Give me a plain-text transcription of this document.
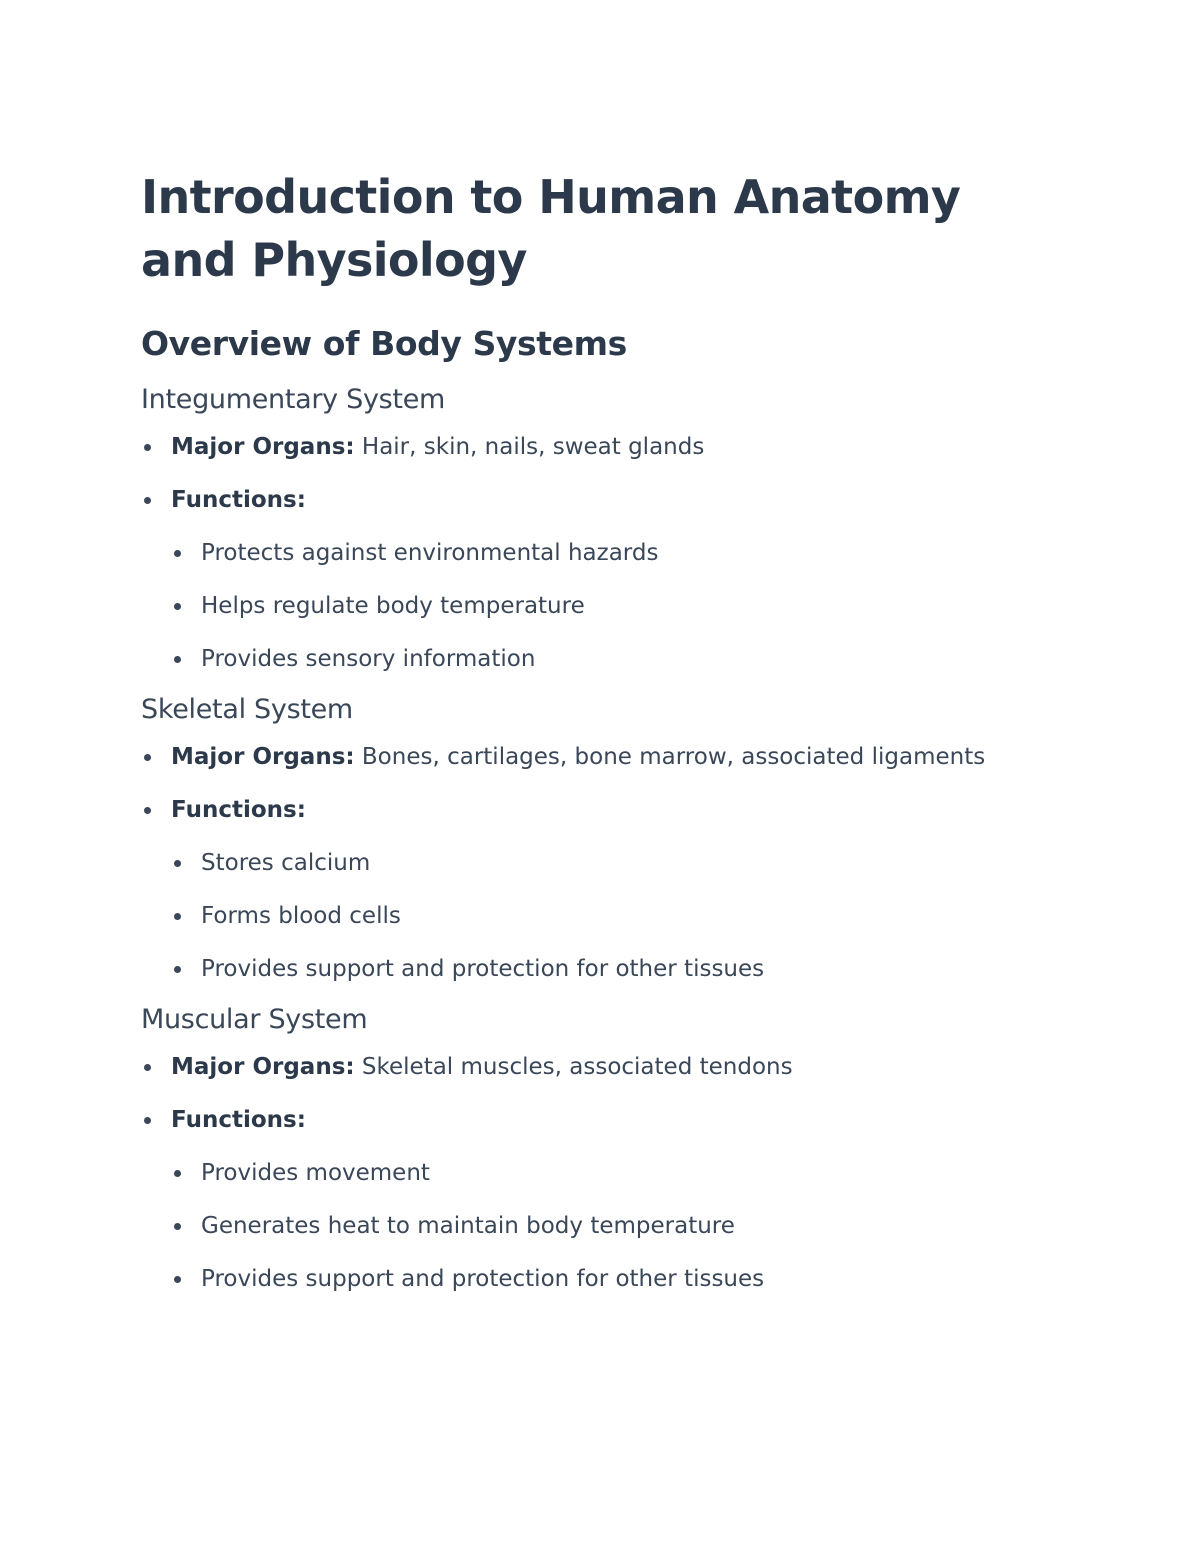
Introduction to Human Anatomy and Physiology
Overview of Body Systems
Integumentary System
Major Organs: Hair, skin, nails, sweat glands
Functions:
Protects against environmental hazards
Helps regulate body temperature
Provides sensory information
Skeletal System
Major Organs: Bones, cartilages, bone marrow, associated ligaments
Functions:
Stores calcium
Forms blood cells
Provides support and protection for other tissues
Muscular System
Major Organs: Skeletal muscles, associated tendons
Functions:
Provides movement
Generates heat to maintain body temperature
Provides support and protection for other tissues
